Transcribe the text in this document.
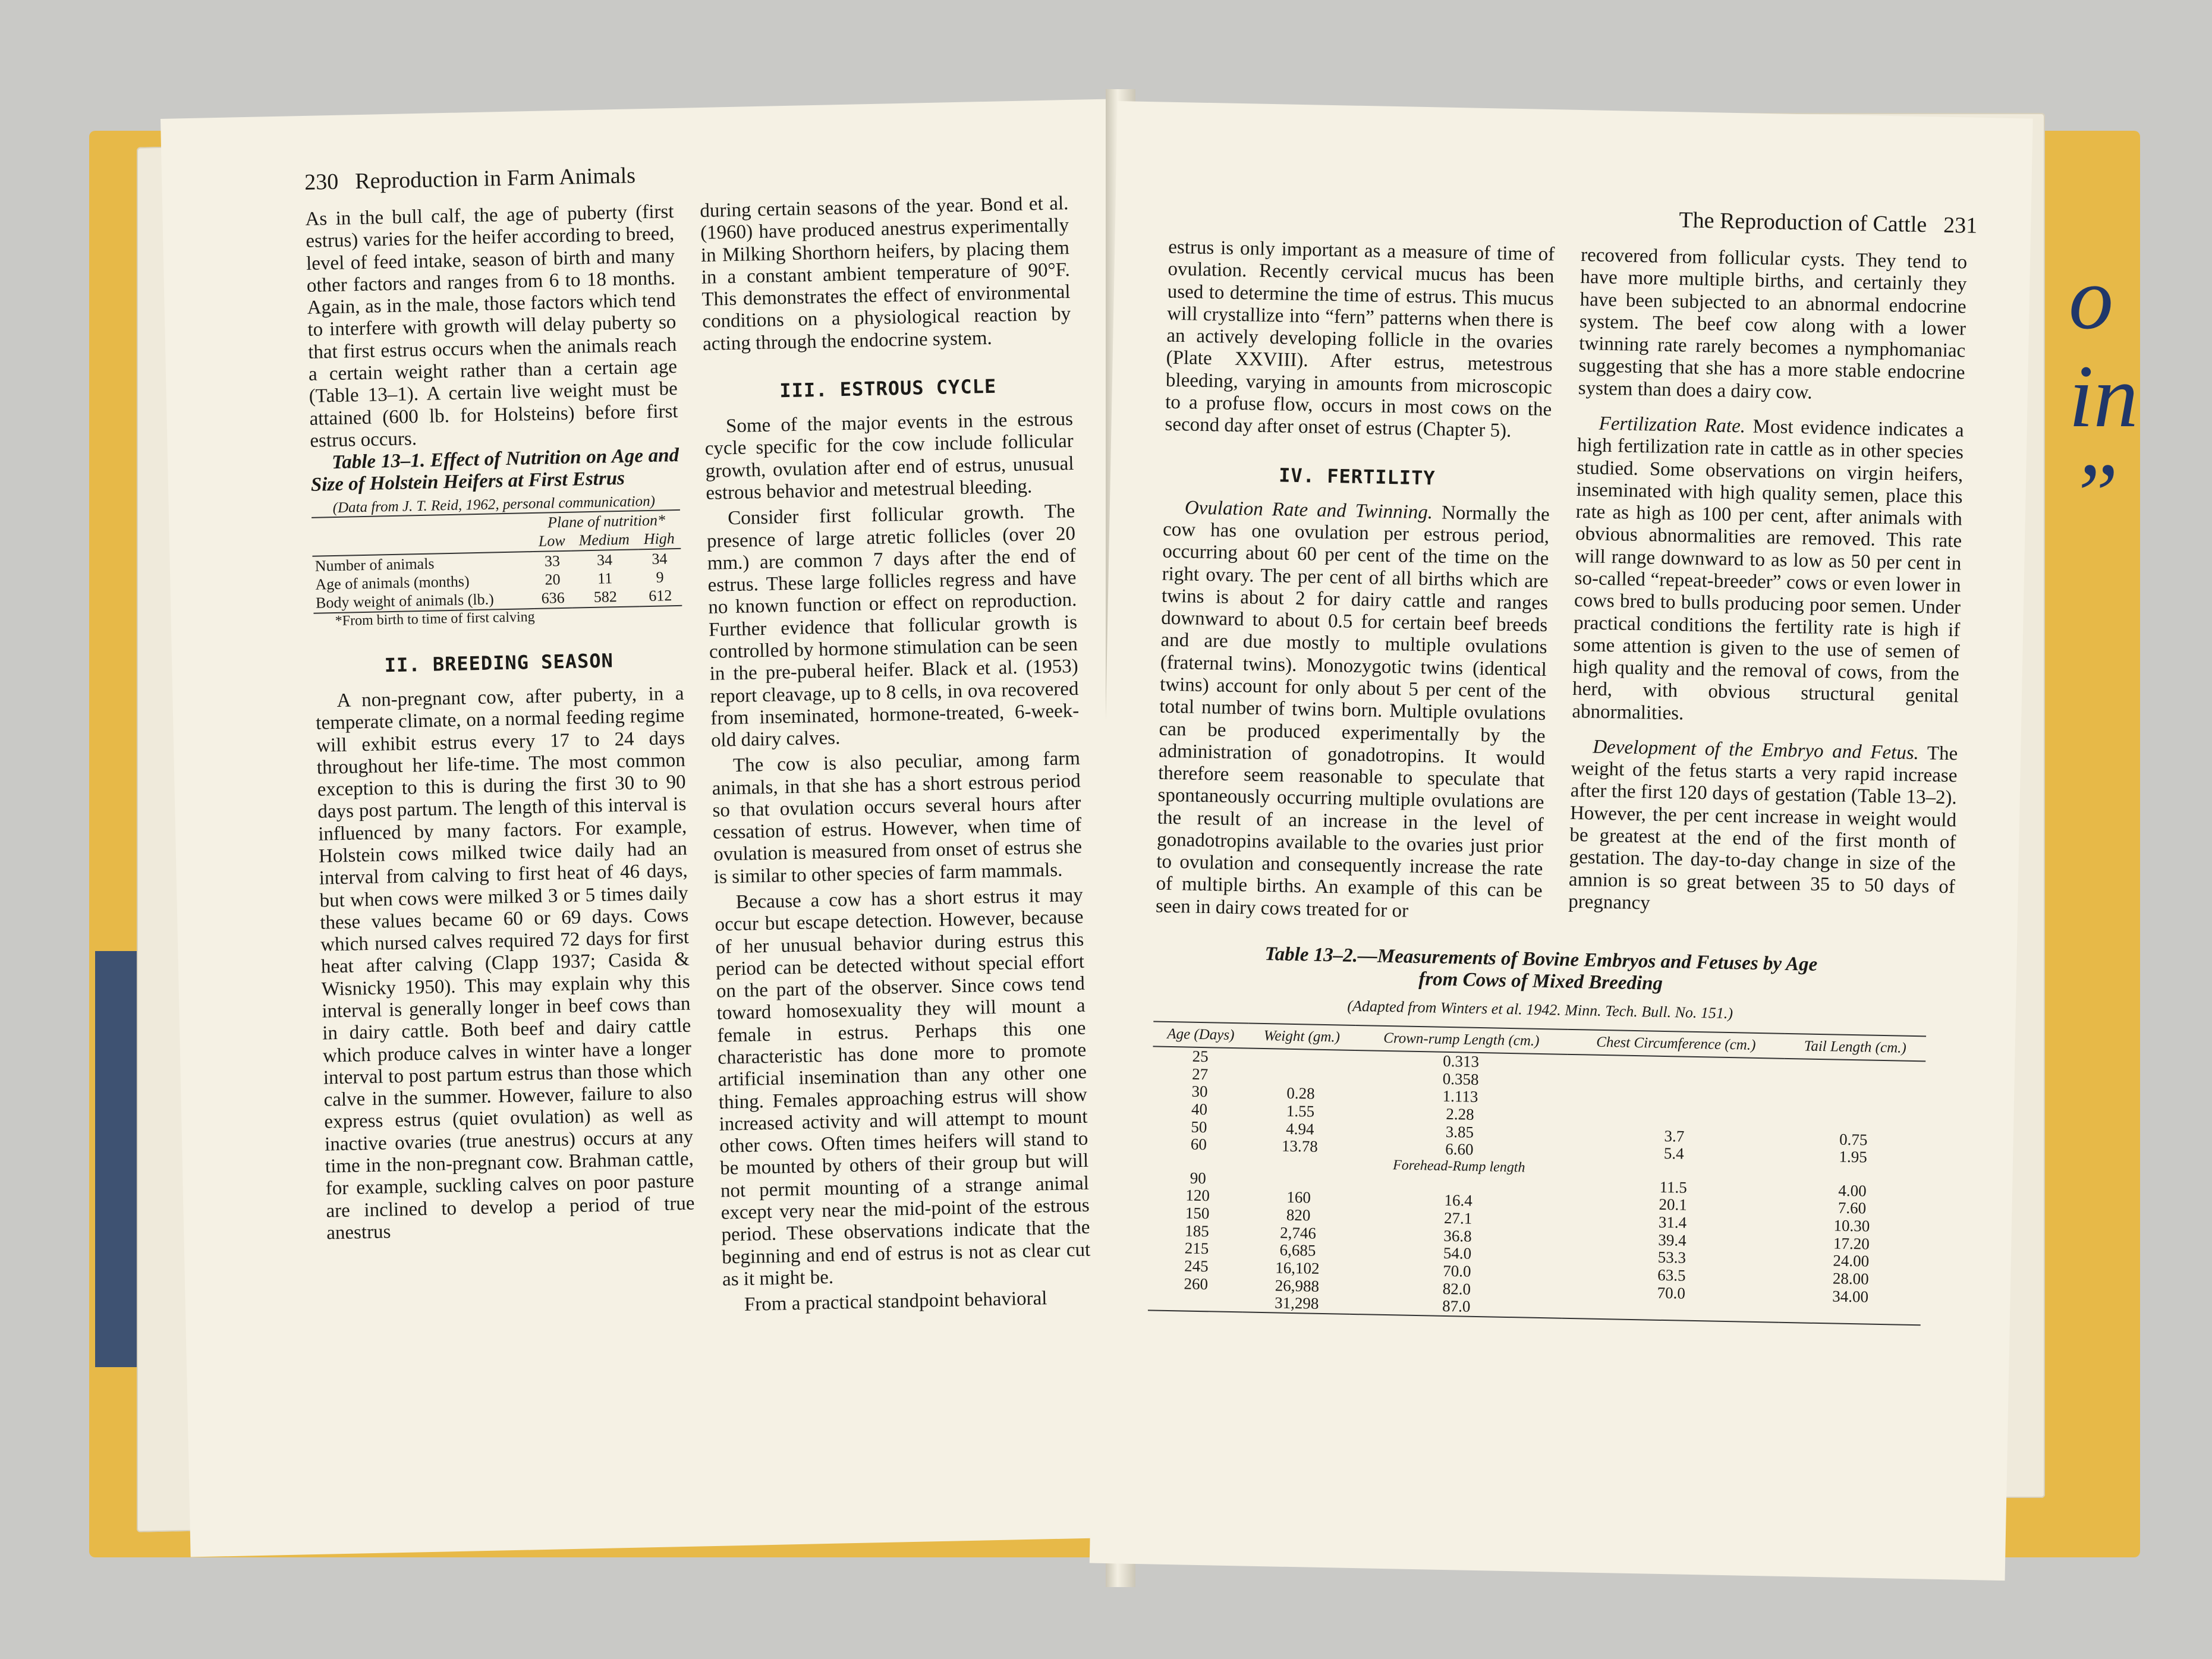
o
in
”
230 Reproduction in Farm Animals

As in the bull calf, the age of puberty (first estrus) varies for the heifer according to breed, level of feed intake, season of birth and many other factors and ranges from 6 to 18 months. Again, as in the male, those factors which tend to interfere with growth will delay puberty so that first estrus occurs when the animals reach a certain weight rather than a certain age (Table 13–1). A certain live weight must be attained (600 lb. for Holsteins) before first estrus occurs.

Table 13–1. Effect of Nutrition on Age and Size of Holstein Heifers at First Estrus

(Data from J. T. Reid, 1962, personal communication)

	Plane of nutrition*		
	Low	Medium	High
Number of animals	33	34	34
Age of animals (months)	20	11	9
Body weight of animals (lb.)	636	582	612

*From birth to time of first calving

II. BREEDING SEASON

A non-pregnant cow, after puberty, in a temperate climate, on a normal feeding regime will exhibit estrus every 17 to 24 days throughout her life-time. The most common exception to this is during the first 30 to 90 days post partum. The length of this interval is influenced by many factors. For example, Holstein cows milked twice daily had an interval from calving to first heat of 46 days, but when cows were milked 3 or 5 times daily these values became 60 or 69 days. Cows which nursed calves required 72 days for first heat after calving (Clapp 1937; Casida & Wisnicky 1950). This may explain why this interval is generally longer in beef cows than in dairy cattle. Both beef and dairy cattle which produce calves in winter have a longer interval to post partum estrus than those which calve in the summer. However, failure to also express estrus (quiet ovulation) as well as inactive ovaries (true anestrus) occurs at any time in the non-pregnant cow. Brahman cattle, for example, suckling calves on poor pasture are inclined to develop a period of true anestrus

during certain seasons of the year. Bond et al. (1960) have produced anestrus experimentally in Milking Shorthorn heifers, by placing them in a constant ambient temperature of 90°F. This demonstrates the effect of environmental conditions on a physiological reaction by acting through the endocrine system.

III. ESTROUS CYCLE

Some of the major events in the estrous cycle specific for the cow include follicular growth, ovulation after end of estrus, unusual estrous behavior and metestrual bleeding.

Consider first follicular growth. The presence of large atretic follicles (over 20 mm.) are common 7 days after the end of estrus. These large follicles regress and have no known function or effect on reproduction. Further evidence that follicular growth is controlled by hormone stimulation can be seen in the pre-puberal heifer. Black et al. (1953) report cleavage, up to 8 cells, in ova recovered from inseminated, hormone-treated, 6-week-old dairy calves.

The cow is also peculiar, among farm animals, in that she has a short estrous period so that ovulation occurs several hours after cessation of estrus. However, when time of ovulation is measured from onset of estrus she is similar to other species of farm mammals.

Because a cow has a short estrus it may occur but escape detection. However, because of her unusual behavior during estrus this period can be detected without special effort on the part of the observer. Since cows tend toward homosexuality they will mount a female in estrus. Perhaps this one characteristic has done more to promote artificial insemination than any other one thing. Females approaching estrus will show increased activity and will attempt to mount other cows. Often times heifers will stand to be mounted by others of their group but will not permit mounting of a strange animal except very near the mid-point of the estrous period. These observations indicate that the beginning and end of estrus is not as clear cut as it might be.

From a practical standpoint behavioral

The Reproduction of Cattle 231

estrus is only important as a measure of time of ovulation. Recently cervical mucus has been used to determine the time of estrus. This mucus will crystallize into “fern” patterns when there is an actively developing follicle in the ovaries (Plate XXVIII). After estrus, metestrous bleeding, varying in amounts from microscopic to a profuse flow, occurs in most cows on the second day after onset of estrus (Chapter 5).

IV. FERTILITY

Ovulation Rate and Twinning. Normally the cow has one ovulation per estrous period, occurring about 60 per cent of the time on the right ovary. The per cent of all births which are twins is about 2 for dairy cattle and ranges downward to about 0.5 for certain beef breeds and are due mostly to multiple ovulations (fraternal twins). Monozygotic twins (identical twins) account for only about 5 per cent of the total number of twins born. Multiple ovulations can be produced experimentally by the administration of gonadotropins. It would therefore seem reasonable to speculate that spontaneously occurring multiple ovulations are the result of an increase in the level of gonadotropins available to the ovaries just prior to ovulation and consequently increase the rate of multiple births. An example of this can be seen in dairy cows treated for or

recovered from follicular cysts. They tend to have more multiple births, and certainly they have been subjected to an abnormal endocrine system. The beef cow along with a lower twinning rate rarely becomes a nymphomaniac suggesting that she has a more stable endocrine system than does a dairy cow.

Fertilization Rate. Most evidence indicates a high fertilization rate in cattle as in other species studied. Some observations on virgin heifers, inseminated with high quality semen, place this rate as high as 100 per cent, after animals with obvious abnormalities are removed. This rate will range downward to as low as 50 per cent in so-called “repeat-breeder” cows or even lower in cows bred to bulls producing poor semen. Under practical conditions the fertility rate is high if some attention is given to the use of semen of high quality and the removal of cows, from the herd, with obvious structural genital abnormalities.

Development of the Embryo and Fetus. The weight of the fetus starts a very rapid increase after the first 120 days of gestation (Table 13–2). However, the per cent increase in weight would be greatest at the end of the first month of gestation. The day-to-day change in size of the amnion is so great between 35 to 50 days of pregnancy

Table 13–2.—Measurements of Bovine Embryos and Fetuses by Age

from Cows of Mixed Breeding

(Adapted from Winters et al. 1942. Minn. Tech. Bull. No. 151.)

Age (Days)	Weight (gm.)	Crown-rump Length (cm.)	Chest Circumference (cm.)	Tail Length (cm.)
25		0.313		
27		0.358		
30	0.28	1.113		
40	1.55	2.28		
50	4.94	3.85	3.7	0.75
60	13.78	6.60	5.4	1.95
		Forehead-Rump length		
90			11.5	4.00
120	160	16.4	20.1	7.60
150	820	27.1	31.4	10.30
185	2,746	36.8	39.4	17.20
215	6,685	54.0	53.3	24.00
245	16,102	70.0	63.5	28.00
260	26,988	82.0	70.0	34.00
	31,298	87.0		
